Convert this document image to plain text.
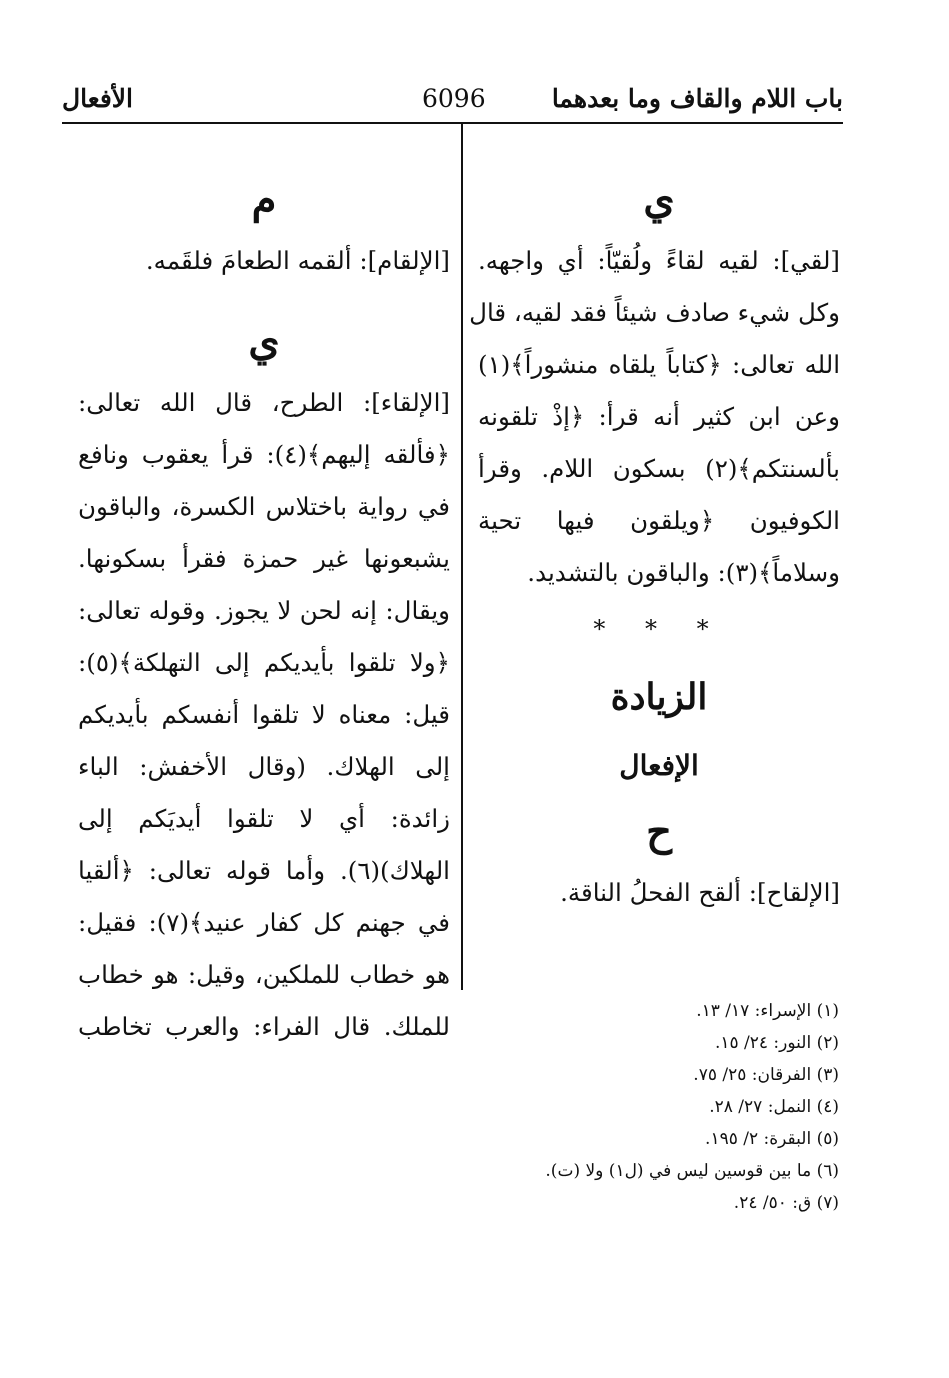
باب اللام والقاف وما بعدهما
6096
الأفعال
ي
[لقي]: لقيه لقاءً ولُقيّاً: أي واجهه.
وكل شيء صادف شيئاً فقد لقيه، قال
الله تعالى: ﴿كتاباً يلقاه منشوراً﴾(١)
وعن ابن كثير أنه قرأ: ﴿إذْ تلقونه
بألسنتكم﴾(٢) بسكون اللام. وقرأ
الكوفيون ﴿ويلقون فيها تحية
وسلاماً﴾(٣): والباقون بالتشديد.
* * *
الزيادة
الإفعال
ح
[الإلقاح]: ألقح الفحلُ الناقة.
م
[الإلقام]: ألقمه الطعامَ فلقَمه.
ي
[الإلقاء]: الطرح، قال الله تعالى:
﴿فألقه إليهم﴾(٤): قرأ يعقوب ونافع
في رواية باختلاس الكسرة، والباقون
يشبعونها غير حمزة فقرأ بسكونها.
ويقال: إنه لحن لا يجوز. وقوله تعالى:
﴿ولا تلقوا بأيديكم إلى التهلكة﴾(٥):
قيل: معناه لا تلقوا أنفسكم بأيديكم
إلى الهلاك. (وقال الأخفش: الباء
زائدة: أي لا تلقوا أيديَكم إلى
الهلاك)(٦). وأما قوله تعالى: ﴿ألقيا
في جهنم كل كفار عنيد﴾(٧): فقيل:
هو خطاب للملكين، وقيل: هو خطاب
للملك. قال الفراء: والعرب تخاطب
(١) الإسراء: ١٧/ ١٣.
(٢) النور: ٢٤/ ١٥.
(٣) الفرقان: ٢٥/ ٧٥.
(٤) النمل: ٢٧/ ٢٨.
(٥) البقرة: ٢/ ١٩٥.
(٦) ما بين قوسين ليس في (ل١) ولا (ت).
(٧) ق: ٥٠/ ٢٤.
